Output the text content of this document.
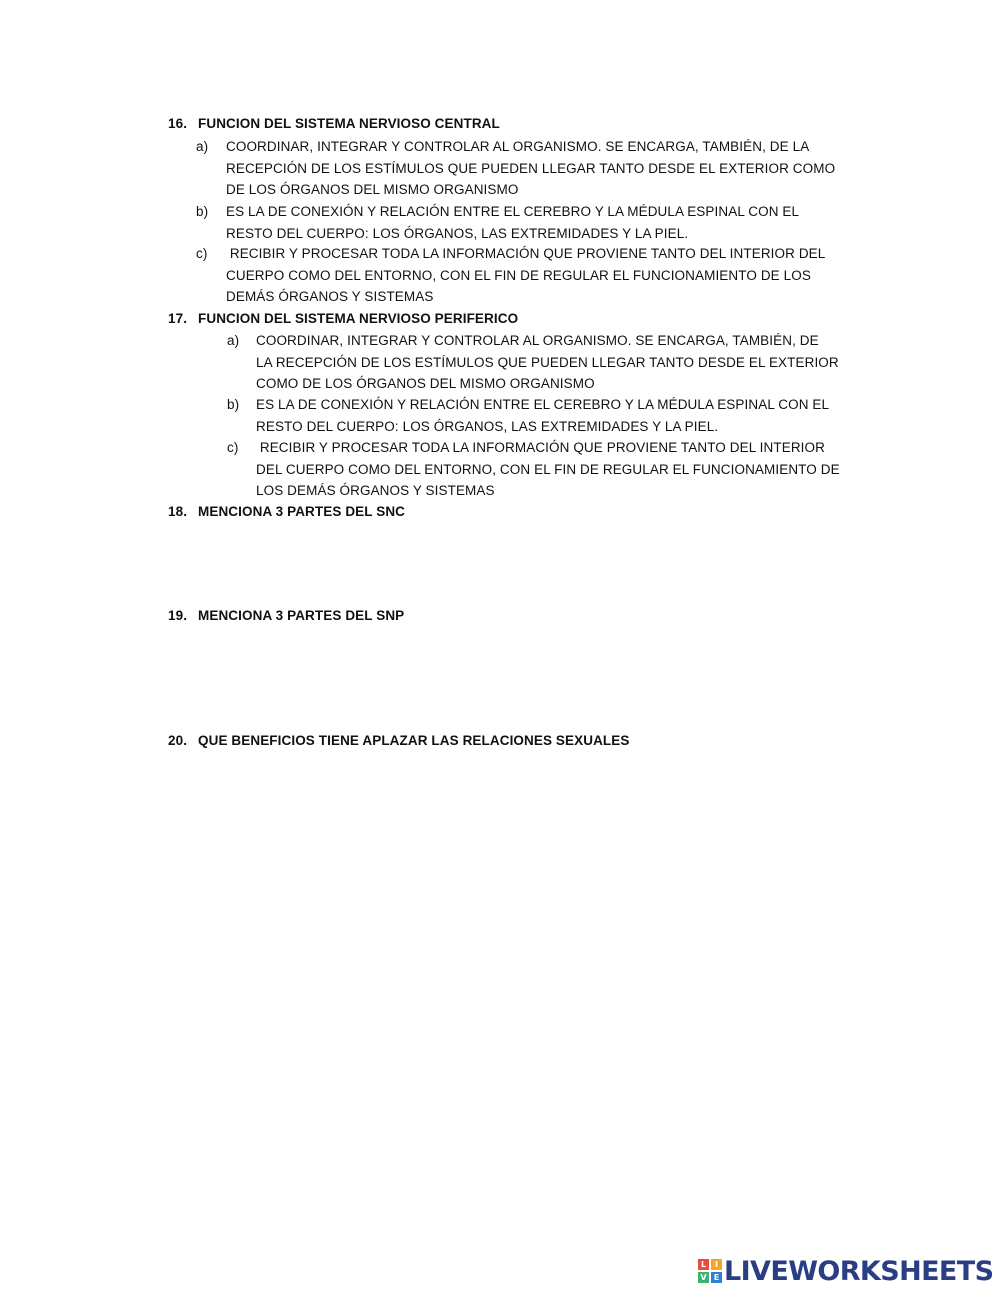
16. FUNCION DEL SISTEMA NERVIOSO CENTRAL
a) COORDINAR, INTEGRAR Y CONTROLAR AL ORGANISMO. SE ENCARGA, TAMBIÉN, DE LA
RECEPCIÓN DE LOS ESTÍMULOS QUE PUEDEN LLEGAR TANTO DESDE EL EXTERIOR COMO
DE LOS ÓRGANOS DEL MISMO ORGANISMO
b) ES LA DE CONEXIÓN Y RELACIÓN ENTRE EL CEREBRO Y LA MÉDULA ESPINAL CON EL
RESTO DEL CUERPO: LOS ÓRGANOS, LAS EXTREMIDADES Y LA PIEL.
c) RECIBIR Y PROCESAR TODA LA INFORMACIÓN QUE PROVIENE TANTO DEL INTERIOR DEL
CUERPO COMO DEL ENTORNO, CON EL FIN DE REGULAR EL FUNCIONAMIENTO DE LOS
DEMÁS ÓRGANOS Y SISTEMAS
17. FUNCION DEL SISTEMA NERVIOSO PERIFERICO
a) COORDINAR, INTEGRAR Y CONTROLAR AL ORGANISMO. SE ENCARGA, TAMBIÉN, DE
LA RECEPCIÓN DE LOS ESTÍMULOS QUE PUEDEN LLEGAR TANTO DESDE EL EXTERIOR
COMO DE LOS ÓRGANOS DEL MISMO ORGANISMO
b) ES LA DE CONEXIÓN Y RELACIÓN ENTRE EL CEREBRO Y LA MÉDULA ESPINAL CON EL
RESTO DEL CUERPO: LOS ÓRGANOS, LAS EXTREMIDADES Y LA PIEL.
c) RECIBIR Y PROCESAR TODA LA INFORMACIÓN QUE PROVIENE TANTO DEL INTERIOR
DEL CUERPO COMO DEL ENTORNO, CON EL FIN DE REGULAR EL FUNCIONAMIENTO DE
LOS DEMÁS ÓRGANOS Y SISTEMAS
18. MENCIONA 3 PARTES DEL SNC
19. MENCIONA 3 PARTES DEL SNP
20. QUE BENEFICIOS TIENE APLAZAR LAS RELACIONES SEXUALES
L	I
V E LIVEWORKSHEETS
